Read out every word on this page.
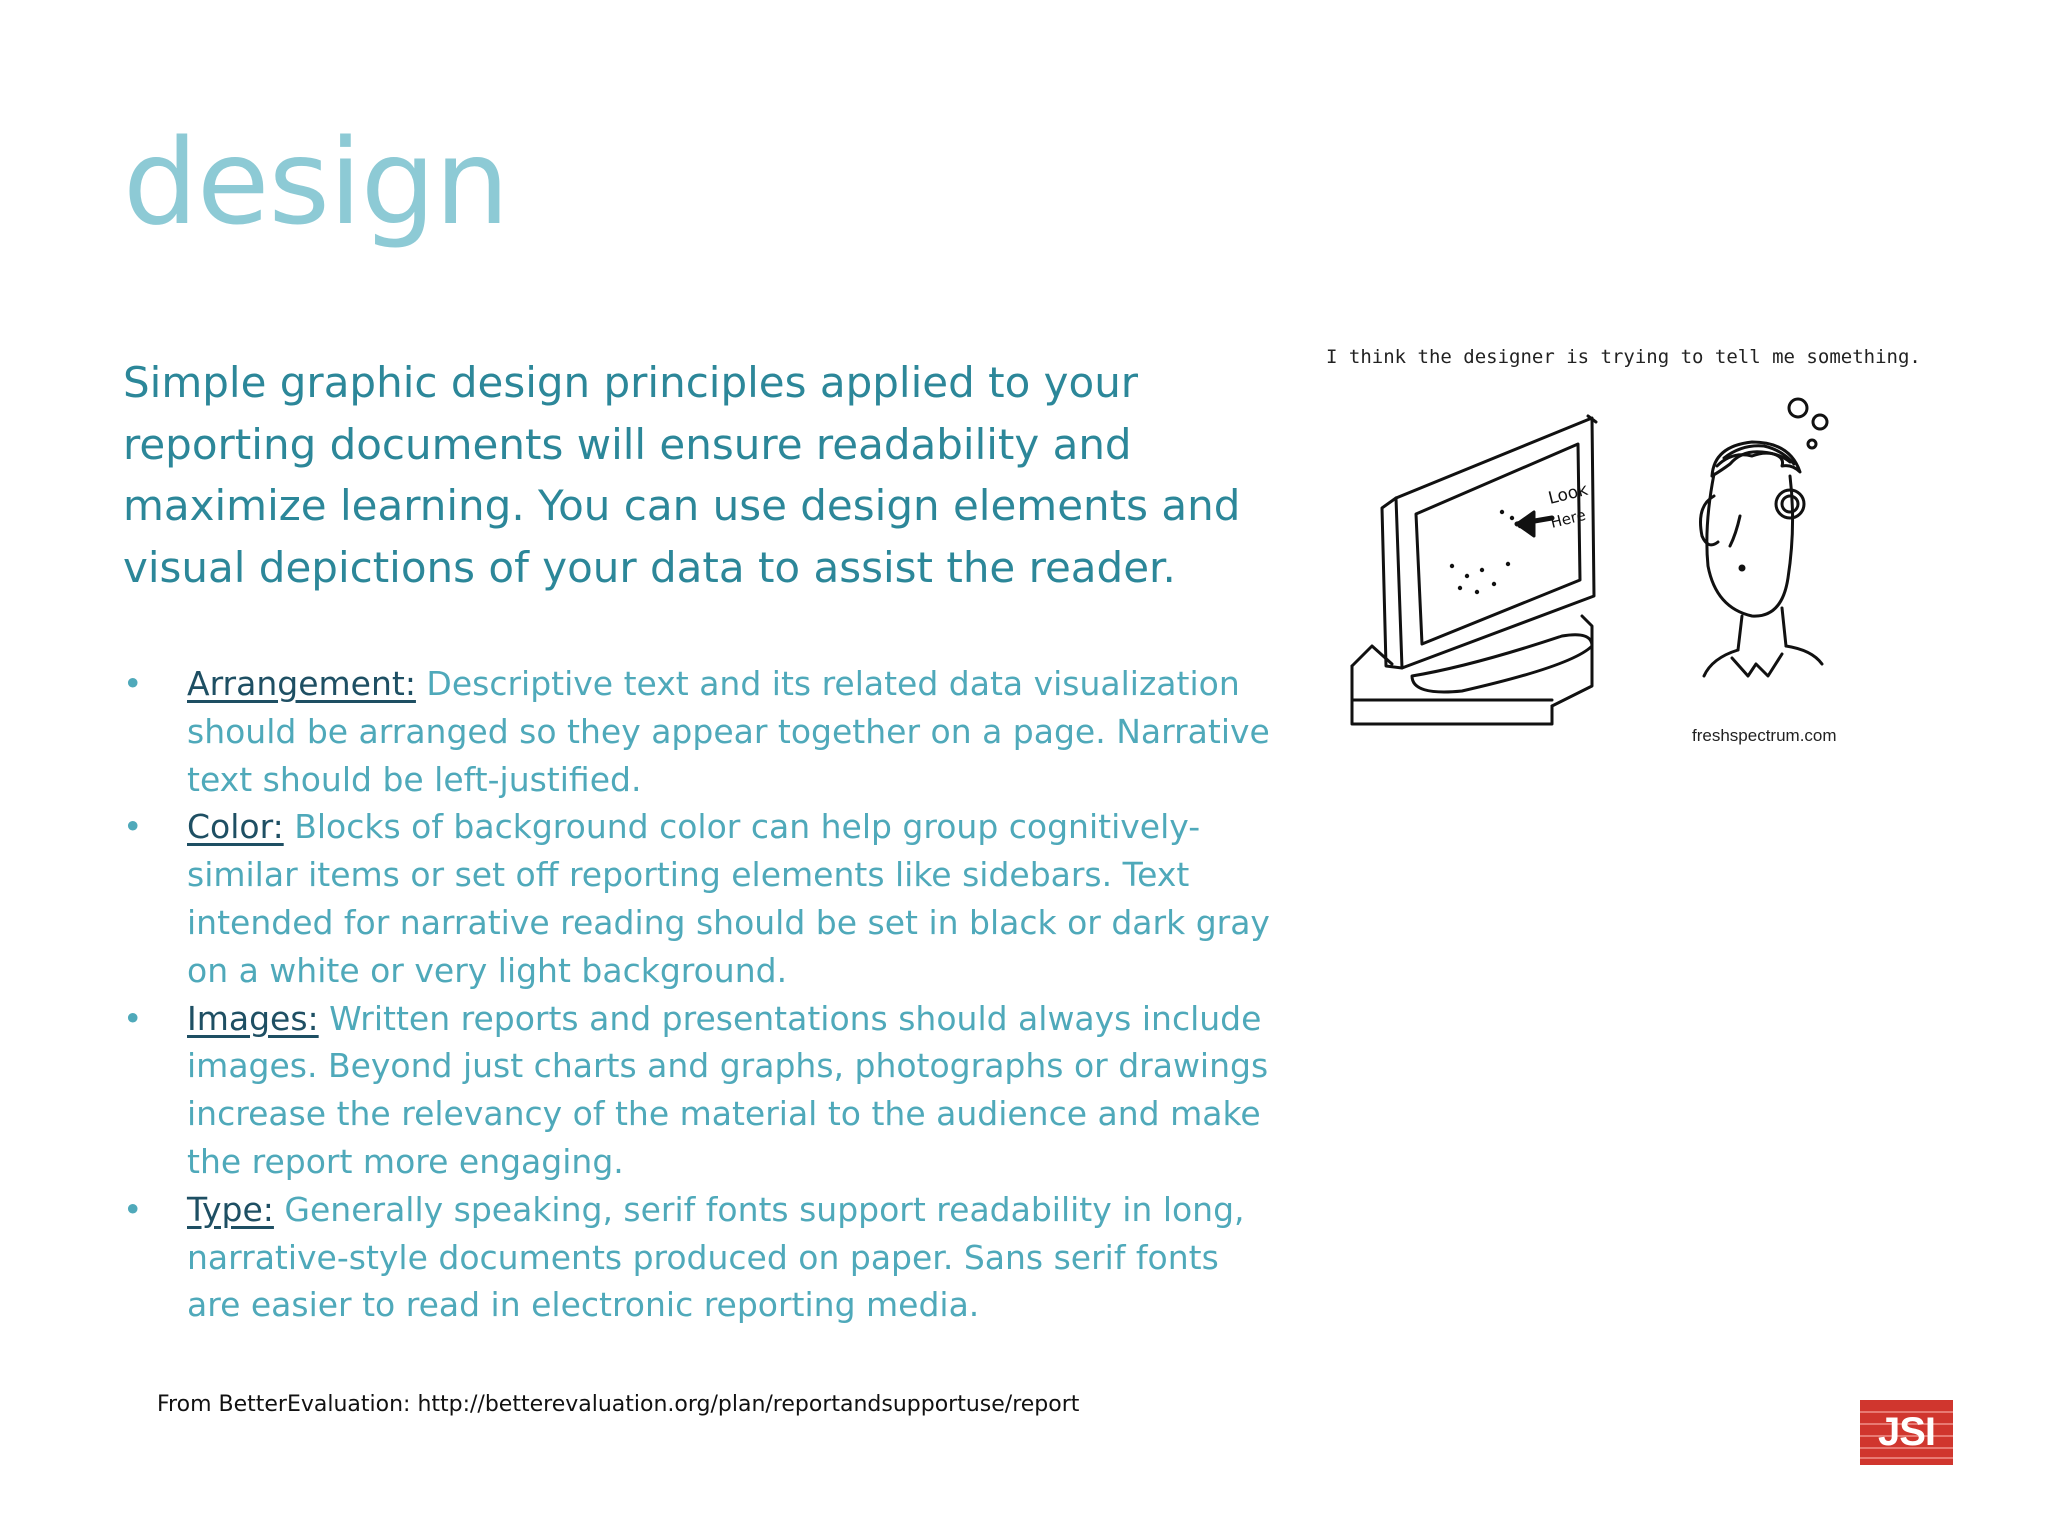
design
Simple graphic design principles applied to your reporting documents will ensure readability and maximize learning. You can use design elements and visual depictions of your data to assist the reader.
• Arrangement: Descriptive text and its related data visualization should be arranged so they appear together on a page. Narrative text should be left-justified.
• Color: Blocks of background color can help group cognitively-similar items or set off reporting elements like sidebars. Text intended for narrative reading should be set in black or dark gray on a white or very light background.
• Images: Written reports and presentations should always include images. Beyond just charts and graphs, photographs or drawings increase the relevancy of the material to the audience and make the report more engaging.
• Type: Generally speaking, serif fonts support readability in long, narrative-style documents produced on paper. Sans serif fonts are easier to read in electronic reporting media.
I think the designer is trying to tell me something.
Look
Here
freshspectrum.com
From BetterEvaluation: http://betterevaluation.org/plan/reportandsupportuse/report
JSI
